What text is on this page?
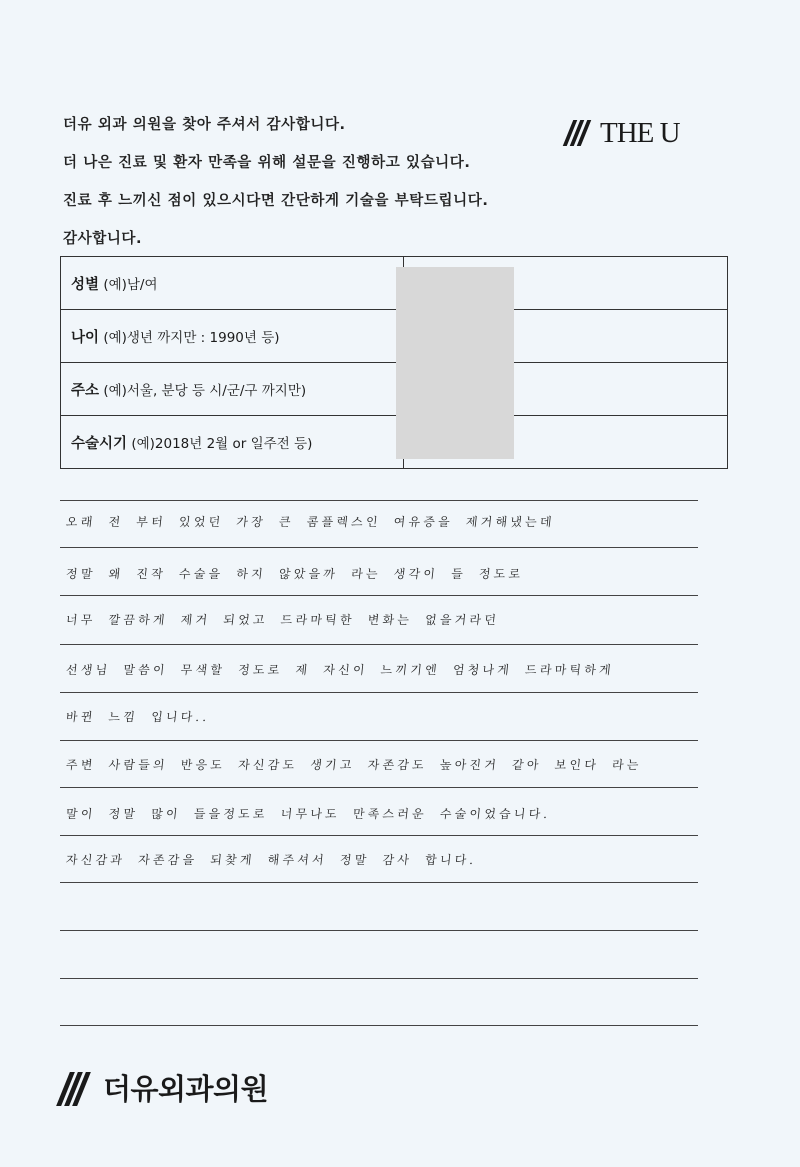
더유 외과 의원을 찾아 주셔서 감사합니다.

더 나은 진료 및 환자 만족을 위해 설문을 진행하고 있습니다.

진료 후 느끼신 점이 있으시다면 간단하게 기술을 부탁드립니다.

감사합니다.

THE U
성별 (예)남/여	
나이 (예)생년 까지만 : 1990년 등)	
주소 (예)서울, 분당 등 시/군/구 까지만)	
수술시기 (예)2018년 2월 or 일주전 등)	
오래 전 부터 있었던 가장 큰 콤플렉스인 여유증을 제거해냈는데
정말 왜 진작 수술을 하지 않았을까 라는 생각이 들 정도로
너무 깔끔하게 제거 되었고 드라마틱한 변화는 없을거라던
선생님 말씀이 무색할 정도로 제 자신이 느끼기엔 엄청나게 드라마틱하게
바뀐 느낌 입니다..
주변 사람들의 반응도 자신감도 생기고 자존감도 높아진거 같아 보인다 라는
말이 정말 많이 들을정도로 너무나도 만족스러운 수술이었습니다.
자신감과 자존감을 되찾게 해주셔서 정말 감사 합니다.
더유외과의원
